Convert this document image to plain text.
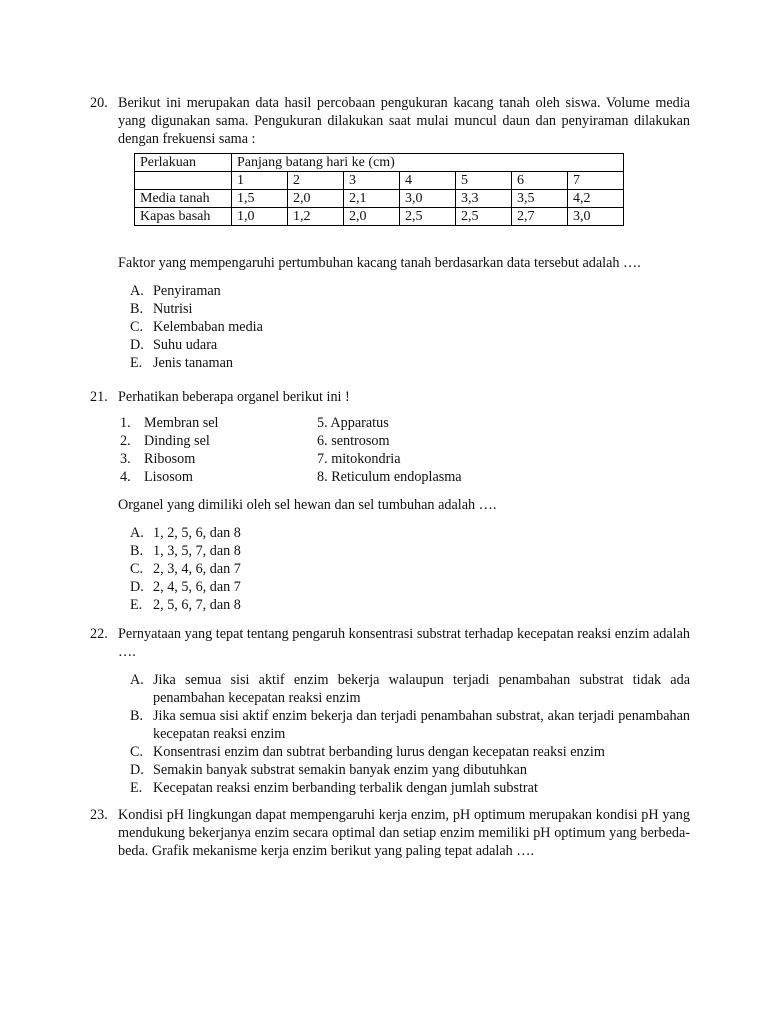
20. Berikut ini merupakan data hasil percobaan pengukuran kacang tanah oleh siswa. Volume media yang digunakan sama. Pengukuran dilakukan saat mulai muncul daun dan penyiraman dilakukan dengan frekuensi sama :
Perlakuan	Panjang batang hari ke (cm)						
	1	2	3	4	5	6	7
Media tanah	1,5	2,0	2,1	3,0	3,3	3,5	4,2
Kapas basah	1,0	1,2	2,0	2,5	2,5	2,7	3,0
Faktor yang mempengaruhi pertumbuhan kacang tanah berdasarkan data tersebut adalah ….
A. Penyiraman
B. Nutrisi
C. Kelembaban media
D. Suhu udara
E. Jenis tanaman
21. Perhatikan beberapa organel berikut ini !
1. Membran sel	5. Apparatus
2. Dinding sel	6. sentrosom
3. Ribosom	7. mitokondria
4. Lisosom	8. Reticulum endoplasma
Organel yang dimiliki oleh sel hewan dan sel tumbuhan adalah ….
A. 1, 2, 5, 6, dan 8
B. 1, 3, 5, 7, dan 8
C. 2, 3, 4, 6, dan 7
D. 2, 4, 5, 6, dan 7
E. 2, 5, 6, 7, dan 8
22. Pernyataan yang tepat tentang pengaruh konsentrasi substrat terhadap kecepatan reaksi enzim adalah ….
A. Jika semua sisi aktif enzim bekerja walaupun terjadi penambahan substrat tidak ada penambahan kecepatan reaksi enzim
B. Jika semua sisi aktif enzim bekerja dan terjadi penambahan substrat, akan terjadi penambahan kecepatan reaksi enzim
C. Konsentrasi enzim dan subtrat berbanding lurus dengan kecepatan reaksi enzim
D. Semakin banyak substrat semakin banyak enzim yang dibutuhkan
E. Kecepatan reaksi enzim berbanding terbalik dengan jumlah substrat
23. Kondisi pH lingkungan dapat mempengaruhi kerja enzim, pH optimum merupakan kondisi pH yang mendukung bekerjanya enzim secara optimal dan setiap enzim memiliki pH optimum yang berbeda-beda. Grafik mekanisme kerja enzim berikut yang paling tepat adalah ….
